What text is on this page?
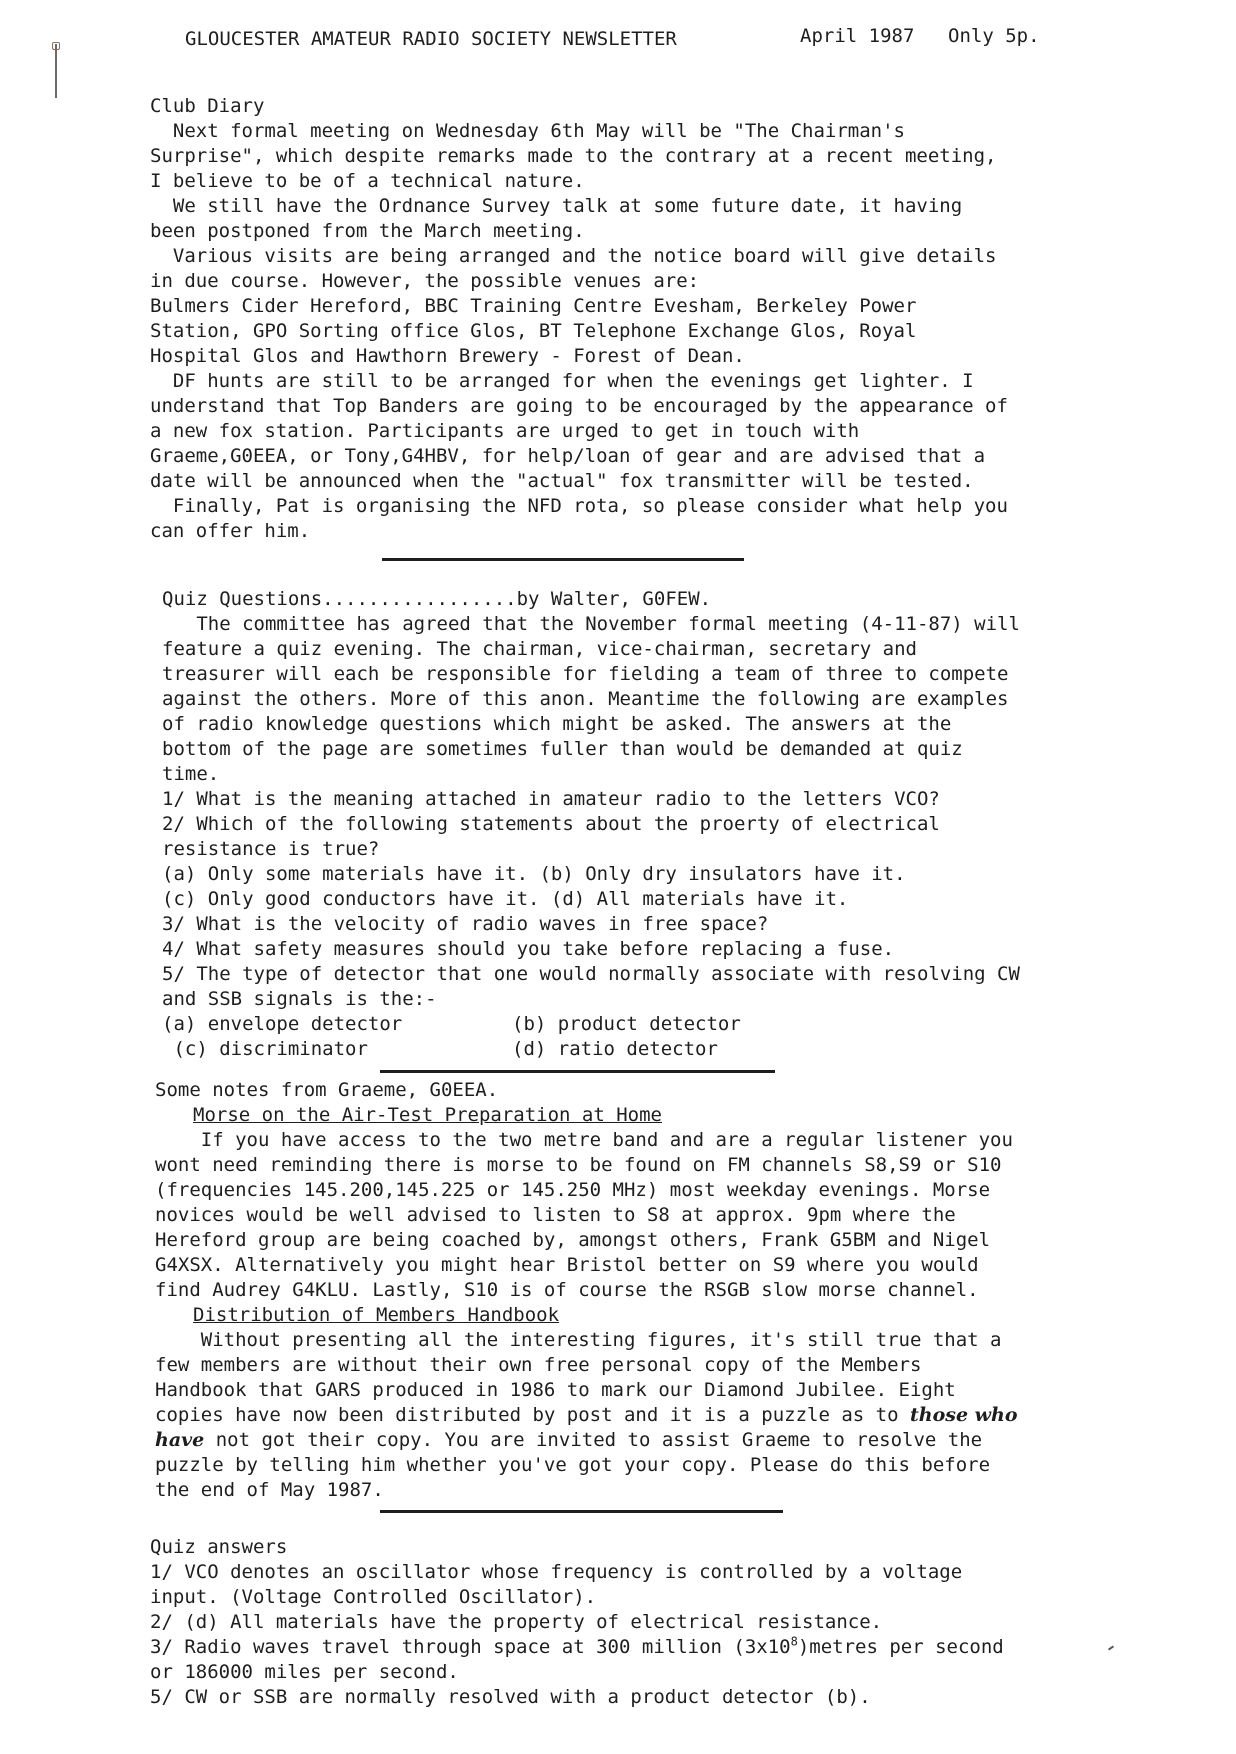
GLOUCESTER AMATEUR RADIO SOCIETY NEWSLETTER	April 1987 Only 5p.
Club Diary
Next formal meeting on Wednesday 6th May will be "The Chairman's
Surprise", which despite remarks made to the contrary at a recent meeting,
I believe to be of a technical nature.
We still have the Ordnance Survey talk at some future date, it having
been postponed from the March meeting.
Various visits are being arranged and the notice board will give details
in due course. However, the possible venues are:
Bulmers Cider Hereford, BBC Training Centre Evesham, Berkeley Power
Station, GPO Sorting office Glos, BT Telephone Exchange Glos, Royal
Hospital Glos and Hawthorn Brewery - Forest of Dean.
DF hunts are still to be arranged for when the evenings get lighter. I
understand that Top Banders are going to be encouraged by the appearance of
a new fox station. Participants are urged to get in touch with
Graeme,G0EEA, or Tony,G4HBV, for help/loan of gear and are advised that a
date will be announced when the "actual" fox transmitter will be tested.
Finally, Pat is organising the NFD rota, so please consider what help you
can offer him.
Quiz Questions.................by Walter, G0FEW.
The committee has agreed that the November formal meeting (4-11-87) will
feature a quiz evening. The chairman, vice-chairman, secretary and
treasurer will each be responsible for fielding a team of three to compete
against the others. More of this anon. Meantime the following are examples
of radio knowledge questions which might be asked. The answers at the
bottom of the page are sometimes fuller than would be demanded at quiz
time.
1/ What is the meaning attached in amateur radio to the letters VCO?
2/ Which of the following statements about the proerty of electrical
resistance is true?
(a) Only some materials have it. (b) Only dry insulators have it.
(c) Only good conductors have it. (d) All materials have it.
3/ What is the velocity of radio waves in free space?
4/ What safety measures should you take before replacing a fuse.
5/ The type of detector that one would normally associate with resolving CW
and SSB signals is the:-
(a) envelope detector	(b) product detector
(c) discriminator	(d) ratio detector
Some notes from Graeme, G0EEA.
Morse on the Air-Test Preparation at Home
If you have access to the two metre band and are a regular listener you
wont need reminding there is morse to be found on FM channels S8,S9 or S10
(frequencies 145.200,145.225 or 145.250 MHz) most weekday evenings. Morse
novices would be well advised to listen to S8 at approx. 9pm where the
Hereford group are being coached by, amongst others, Frank G5BM and Nigel
G4XSX. Alternatively you might hear Bristol better on S9 where you would
find Audrey G4KLU. Lastly, S10 is of course the RSGB slow morse channel.
Distribution of Members Handbook
Without presenting all the interesting figures, it's still true that a
few members are without their own free personal copy of the Members
Handbook that GARS produced in 1986 to mark our Diamond Jubilee. Eight
copies have now been distributed by post and it is a puzzle as to those who
have not got their copy. You are invited to assist Graeme to resolve the
puzzle by telling him whether you've got your copy. Please do this before
the end of May 1987.
Quiz answers
1/ VCO denotes an oscillator whose frequency is controlled by a voltage
input. (Voltage Controlled Oscillator).
2/ (d) All materials have the property of electrical resistance.
3/ Radio waves travel through space at 300 million $(3x10^8)metres$ per second
or 186000 miles per second.
5/ CW or SSB are normally resolved with a product detector (b).
